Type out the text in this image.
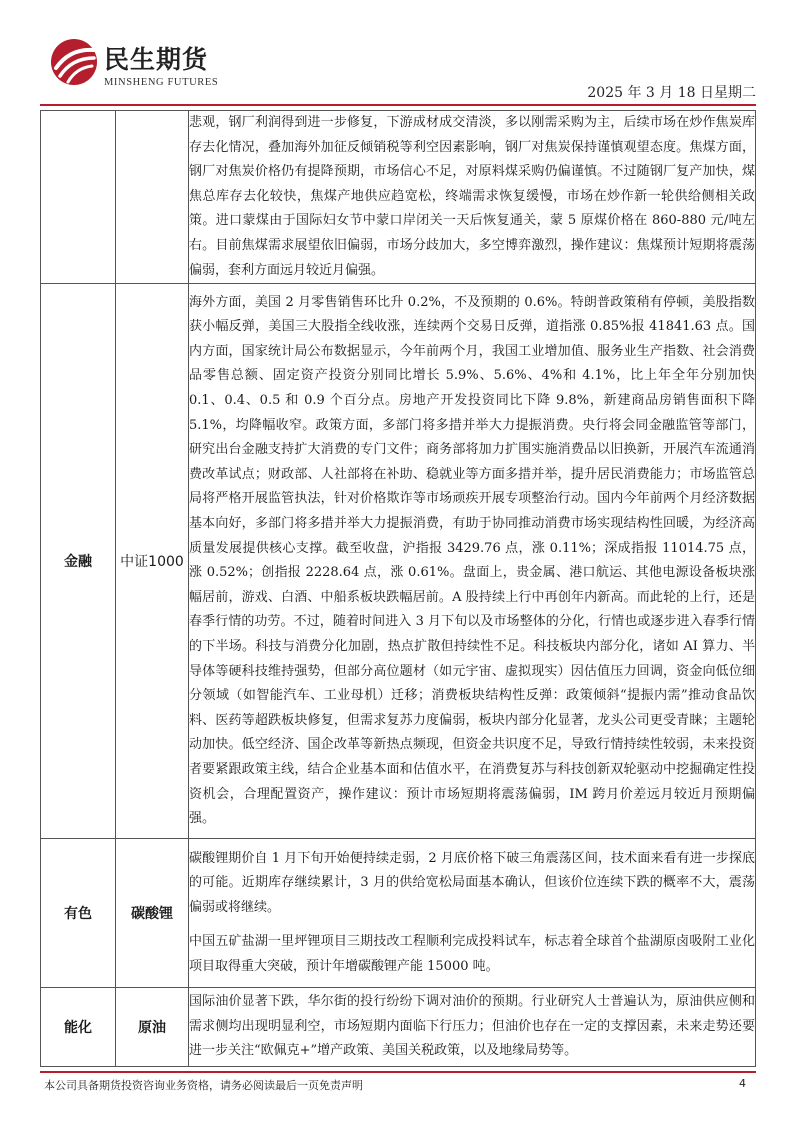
民生期货
MINSHENG FUTURES
2025 年 3 月 18 日星期二

		悲观，钢厂利润得到进一步修复，下游成材成交清淡，多以刚需采购为主，后续市场在炒作焦炭库存去化情况，叠加海外加征反倾销税等利空因素影响，钢厂对焦炭保持谨慎观望态度。焦煤方面，钢厂对焦炭价格仍有提降预期，市场信心不足，对原料煤采购仍偏谨慎。不过随钢厂复产加快，煤焦总库存去化较快，焦煤产地供应趋宽松，终端需求恢复缓慢，市场在炒作新一轮供给侧相关政策。进口蒙煤由于国际妇女节中蒙口岸闭关一天后恢复通关，蒙 5 原煤价格在 860-880 元/吨左右。目前焦煤需求展望依旧偏弱，市场分歧加大，多空博弈激烈，操作建议：焦煤预计短期将震荡偏弱，套利方面远月较近月偏强。

金融	中证1000	海外方面，美国 2 月零售销售环比升 0.2%，不及预期的 0.6%。特朗普政策稍有停顿，美股指数获小幅反弹，美国三大股指全线收涨，连续两个交易日反弹，道指涨 0.85%报 41841.63 点。国内方面，国家统计局公布数据显示，今年前两个月，我国工业增加值、服务业生产指数、社会消费品零售总额、固定资产投资分别同比增长 5.9%、5.6%、4%和 4.1%，比上年全年分别加快 0.1、0.4、0.5 和 0.9 个百分点。房地产开发投资同比下降 9.8%，新建商品房销售面积下降 5.1%，均降幅收窄。政策方面，多部门将多措并举大力提振消费。央行将会同金融监管等部门，研究出台金融支持扩大消费的专门文件；商务部将加力扩围实施消费品以旧换新，开展汽车流通消费改革试点；财政部、人社部将在补助、稳就业等方面多措并举，提升居民消费能力；市场监管总局将严格开展监管执法，针对价格欺诈等市场顽疾开展专项整治行动。国内今年前两个月经济数据基本向好，多部门将多措并举大力提振消费，有助于协同推动消费市场实现结构性回暖，为经济高质量发展提供核心支撑。截至收盘，沪指报 3429.76 点，涨 0.11%；深成指报 11014.75 点，涨 0.52%；创指报 2228.64 点，涨 0.61%。盘面上，贵金属、港口航运、其他电源设备板块涨幅居前，游戏、白酒、中船系板块跌幅居前。A 股持续上行中再创年内新高。而此轮的上行，还是春季行情的功劳。不过，随着时间进入 3 月下旬以及市场整体的分化，行情也或逐步进入春季行情的下半场。科技与消费分化加剧，热点扩散但持续性不足。科技板块内部分化，诸如 AI 算力、半导体等硬科技维持强势，但部分高位题材（如元宇宙、虚拟现实）因估值压力回调，资金向低位细分领域（如智能汽车、工业母机）迁移；消费板块结构性反弹：政策倾斜“提振内需”推动食品饮料、医药等超跌板块修复，但需求复苏力度偏弱，板块内部分化显著，龙头公司更受青睐；主题轮动加快。低空经济、国企改革等新热点频现，但资金共识度不足，导致行情持续性较弱，未来投资者要紧跟政策主线，结合企业基本面和估值水平，在消费复苏与科技创新双轮驱动中挖掘确定性投资机会，合理配置资产，操作建议：预计市场短期将震荡偏弱，IM 跨月价差远月较近月预期偏强。

有色	碳酸锂	碳酸锂期价自 1 月下旬开始便持续走弱，2 月底价格下破三角震荡区间，技术面来看有进一步探底的可能。近期库存继续累计，3 月的供给宽松局面基本确认，但该价位连续下跌的概率不大，震荡偏弱或将继续。

中国五矿盐湖一里坪锂项目三期技改工程顺利完成投料试车，标志着全球首个盐湖原卤吸附工业化项目取得重大突破，预计年增碳酸锂产能 15000 吨。

能化	原油	国际油价显著下跌，华尔街的投行纷纷下调对油价的预期。行业研究人士普遍认为，原油供应侧和需求侧均出现明显利空，市场短期内面临下行压力；但油价也存在一定的支撑因素，未来走势还要进一步关注“欧佩克+”增产政策、美国关税政策，以及地缘局势等。

本公司具备期货投资咨询业务资格，请务必阅读最后一页免责声明	4
